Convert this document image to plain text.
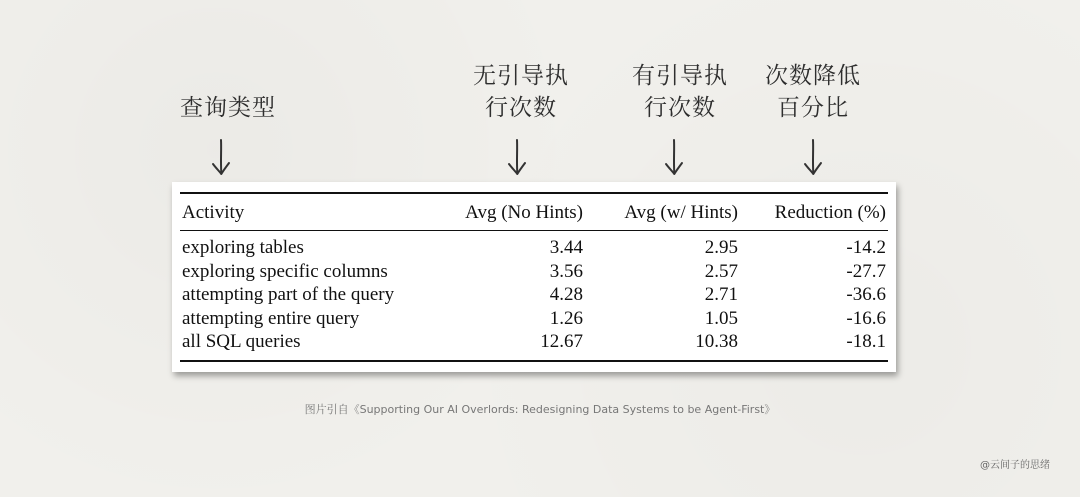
查询类型
无引导执
行次数
有引导执
行次数
次数降低
百分比
Activity	Avg (No Hints)	Avg (w/ Hints)	Reduction (%)
exploring tables	3.44	2.95	-14.2
exploring specific columns	3.56	2.57	-27.7
attempting part of the query	4.28	2.71	-36.6
attempting entire query	1.26	1.05	-16.6
all SQL queries	12.67	10.38	-18.1
图片引自《Supporting Our AI Overlords: Redesigning Data Systems to be Agent-First》
@云间子的思绪
